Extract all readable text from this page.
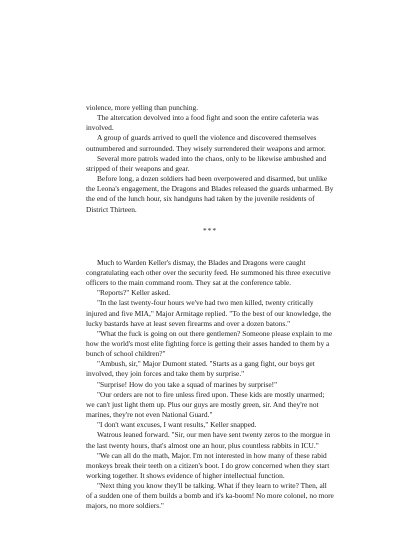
violence, more yelling than punching.

The altercation devolved into a food fight and soon the entire cafeteria was involved.

A group of guards arrived to quell the violence and discovered themselves outnumbered and surrounded. They wisely surrendered their weapons and armor.

Several more patrols waded into the chaos, only to be likewise ambushed and stripped of their weapons and gear.

Before long, a dozen soldiers had been overpowered and disarmed, but unlike the Leona's engagement, the Dragons and Blades released the guards unharmed. By the end of the lunch hour, six handguns had taken by the juvenile residents of District Thirteen.

***

Much to Warden Keller's dismay, the Blades and Dragons were caught congratulating each other over the security feed. He summoned his three executive officers to the main command room. They sat at the conference table.

"Reports?" Keller asked.

"In the last twenty-four hours we've had two men killed, twenty critically injured and five MIA," Major Armitage replied. "To the best of our knowledge, the lucky bastards have at least seven firearms and over a dozen batons."

"What the fuck is going on out there gentlemen? Someone please explain to me how the world's most elite fighting force is getting their asses handed to them by a bunch of school children?"

"Ambush, sir," Major Dumont stated. "Starts as a gang fight, our boys get involved, they join forces and take them by surprise."

"Surprise! How do you take a squad of marines by surprise!"

"Our orders are not to fire unless fired upon. These kids are mostly unarmed; we can't just light them up. Plus our guys are mostly green, sir. And they're not marines, they're not even National Guard."

"I don't want excuses, I want results," Keller snapped.

Watrous leaned forward. "Sir, our men have sent twenty zeros to the morgue in the last twenty hours, that's almost one an hour, plus countless rabbits in ICU."

"We can all do the math, Major. I'm not interested in how many of these rabid monkeys break their teeth on a citizen's boot. I do grow concerned when they start working together. It shows evidence of higher intellectual function.

"Next thing you know they'll be talking. What if they learn to write? Then, all of a sudden one of them builds a bomb and it's ka-boom! No more colonel, no more majors, no more soldiers."
